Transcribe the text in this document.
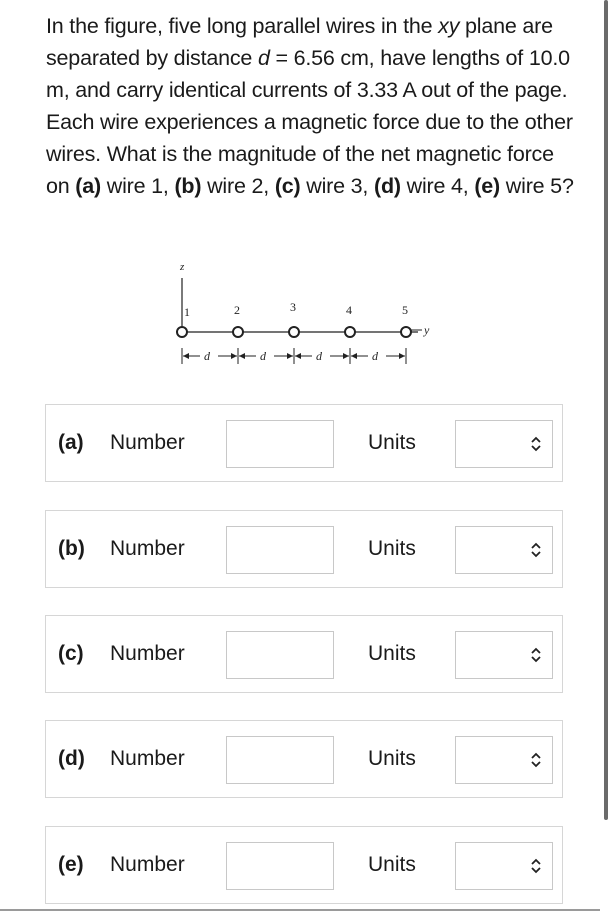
In the figure, five long parallel wires in the xy plane are separated by distance d = 6.56 cm, have lengths of 10.0 m, and carry identical currents of 3.33 A out of the page. Each wire experiences a magnetic force due to the other wires. What is the magnitude of the net magnetic force on (a) wire 1, (b) wire 2, (c) wire 3, (d) wire 4, (e) wire 5?
z
y
1	2	3	4	5
d	d	d	d
(a) Number	Units
(b) Number	Units
(c) Number	Units
(d) Number	Units
(e) Number	Units
